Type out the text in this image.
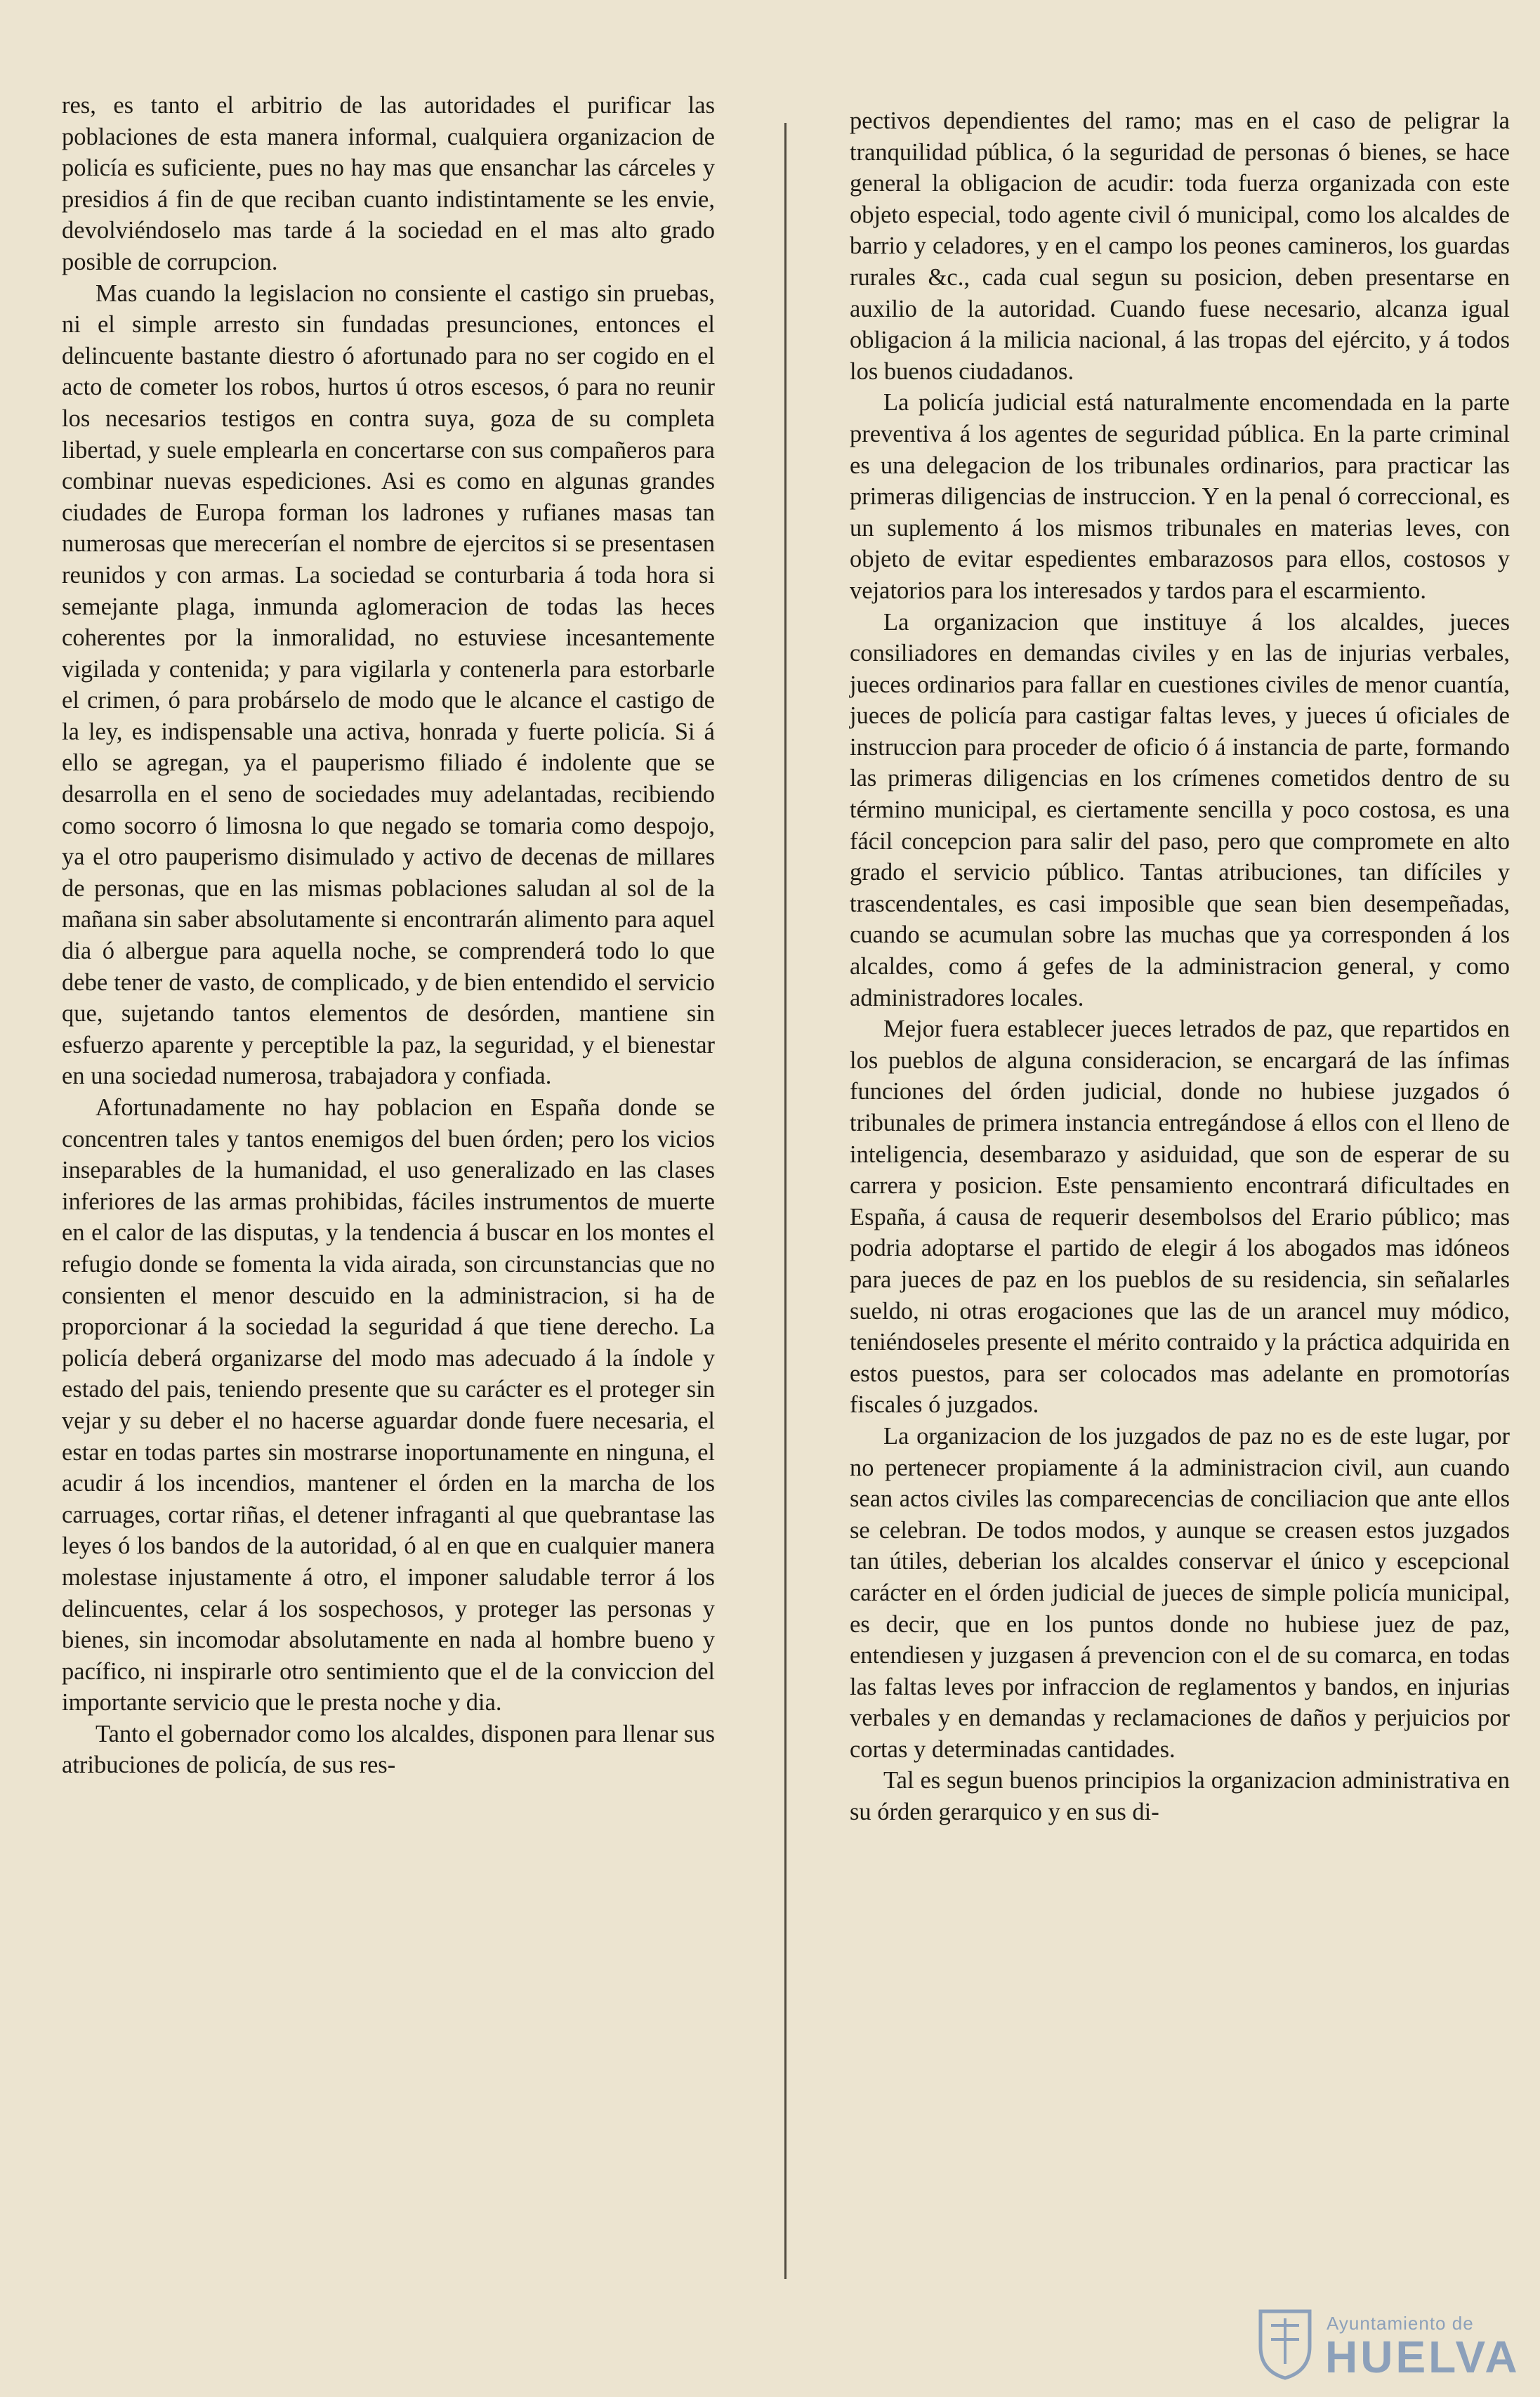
res, es tanto el arbitrio de las autoridades el purificar las poblaciones de esta manera informal, cualquiera organizacion de policía es suficiente, pues no hay mas que ensanchar las cárceles y presidios á fin de que reciban cuanto indistintamente se les envie, devolviéndoselo mas tarde á la sociedad en el mas alto grado posible de corrupcion.

Mas cuando la legislacion no consiente el castigo sin pruebas, ni el simple arresto sin fundadas presunciones, entonces el delincuente bastante diestro ó afortunado para no ser cogido en el acto de cometer los robos, hurtos ú otros escesos, ó para no reunir los necesarios testigos en contra suya, goza de su completa libertad, y suele emplearla en concertarse con sus compañeros para combinar nuevas espediciones. Asi es como en algunas grandes ciudades de Europa forman los ladrones y rufianes masas tan numerosas que merecerían el nombre de ejercitos si se presentasen reunidos y con armas. La sociedad se conturbaria á toda hora si semejante plaga, inmunda aglomeracion de todas las heces coherentes por la inmoralidad, no estuviese incesantemente vigilada y contenida; y para vigilarla y contenerla para estorbarle el crimen, ó para probárselo de modo que le alcance el castigo de la ley, es indispensable una activa, honrada y fuerte policía. Si á ello se agregan, ya el pauperismo filiado é indolente que se desarrolla en el seno de sociedades muy adelantadas, recibiendo como socorro ó limosna lo que negado se tomaria como despojo, ya el otro pauperismo disimulado y activo de decenas de millares de personas, que en las mismas poblaciones saludan al sol de la mañana sin saber absolutamente si encontrarán alimento para aquel dia ó albergue para aquella noche, se comprenderá todo lo que debe tener de vasto, de complicado, y de bien entendido el servicio que, sujetando tantos elementos de desórden, mantiene sin esfuerzo aparente y perceptible la paz, la seguridad, y el bienestar en una sociedad numerosa, trabajadora y confiada.

Afortunadamente no hay poblacion en España donde se concentren tales y tantos enemigos del buen órden; pero los vicios inseparables de la humanidad, el uso generalizado en las clases inferiores de las armas prohibidas, fáciles instrumentos de muerte en el calor de las disputas, y la tendencia á buscar en los montes el refugio donde se fomenta la vida airada, son circunstancias que no consienten el menor descuido en la administracion, si ha de proporcionar á la sociedad la seguridad á que tiene derecho. La policía deberá organizarse del modo mas adecuado á la índole y estado del pais, teniendo presente que su carácter es el proteger sin vejar y su deber el no hacerse aguardar donde fuere necesaria, el estar en todas partes sin mostrarse inoportunamente en ninguna, el acudir á los incendios, mantener el órden en la marcha de los carruages, cortar riñas, el detener infraganti al que quebrantase las leyes ó los bandos de la autoridad, ó al en que en cualquier manera molestase injustamente á otro, el imponer saludable terror á los delincuentes, celar á los sospechosos, y proteger las personas y bienes, sin incomodar absolutamente en nada al hombre bueno y pacífico, ni inspirarle otro sentimiento que el de la conviccion del importante servicio que le presta noche y dia.

Tanto el gobernador como los alcaldes, disponen para llenar sus atribuciones de policía, de sus res-

pectivos dependientes del ramo; mas en el caso de peligrar la tranquilidad pública, ó la seguridad de personas ó bienes, se hace general la obligacion de acudir: toda fuerza organizada con este objeto especial, todo agente civil ó municipal, como los alcaldes de barrio y celadores, y en el campo los peones camineros, los guardas rurales &c., cada cual segun su posicion, deben presentarse en auxilio de la autoridad. Cuando fuese necesario, alcanza igual obligacion á la milicia nacional, á las tropas del ejército, y á todos los buenos ciudadanos.

La policía judicial está naturalmente encomendada en la parte preventiva á los agentes de seguridad pública. En la parte criminal es una delegacion de los tribunales ordinarios, para practicar las primeras diligencias de instruccion. Y en la penal ó correccional, es un suplemento á los mismos tribunales en materias leves, con objeto de evitar espedientes embarazosos para ellos, costosos y vejatorios para los interesados y tardos para el escarmiento.

La organizacion que instituye á los alcaldes, jueces consiliadores en demandas civiles y en las de injurias verbales, jueces ordinarios para fallar en cuestiones civiles de menor cuantía, jueces de policía para castigar faltas leves, y jueces ú oficiales de instruccion para proceder de oficio ó á instancia de parte, formando las primeras diligencias en los crímenes cometidos dentro de su término municipal, es ciertamente sencilla y poco costosa, es una fácil concepcion para salir del paso, pero que compromete en alto grado el servicio público. Tantas atribuciones, tan difíciles y trascendentales, es casi imposible que sean bien desempeñadas, cuando se acumulan sobre las muchas que ya corresponden á los alcaldes, como á gefes de la administracion general, y como administradores locales.

Mejor fuera establecer jueces letrados de paz, que repartidos en los pueblos de alguna consideracion, se encargará de las ínfimas funciones del órden judicial, donde no hubiese juzgados ó tribunales de primera instancia entregándose á ellos con el lleno de inteligencia, desembarazo y asiduidad, que son de esperar de su carrera y posicion. Este pensamiento encontrará dificultades en España, á causa de requerir desembolsos del Erario público; mas podria adoptarse el partido de elegir á los abogados mas idóneos para jueces de paz en los pueblos de su residencia, sin señalarles sueldo, ni otras erogaciones que las de un arancel muy módico, teniéndoseles presente el mérito contraido y la práctica adquirida en estos puestos, para ser colocados mas adelante en promotorías fiscales ó juzgados.

La organizacion de los juzgados de paz no es de este lugar, por no pertenecer propiamente á la administracion civil, aun cuando sean actos civiles las comparecencias de conciliacion que ante ellos se celebran. De todos modos, y aunque se creasen estos juzgados tan útiles, deberian los alcaldes conservar el único y escepcional carácter en el órden judicial de jueces de simple policía municipal, es decir, que en los puntos donde no hubiese juez de paz, entendiesen y juzgasen á prevencion con el de su comarca, en todas las faltas leves por infraccion de reglamentos y bandos, en injurias verbales y en demandas y reclamaciones de daños y perjuicios por cortas y determinadas cantidades.

Tal es segun buenos principios la organizacion administrativa en su órden gerarquico y en sus di-

Ayuntamiento de
HUELVA
